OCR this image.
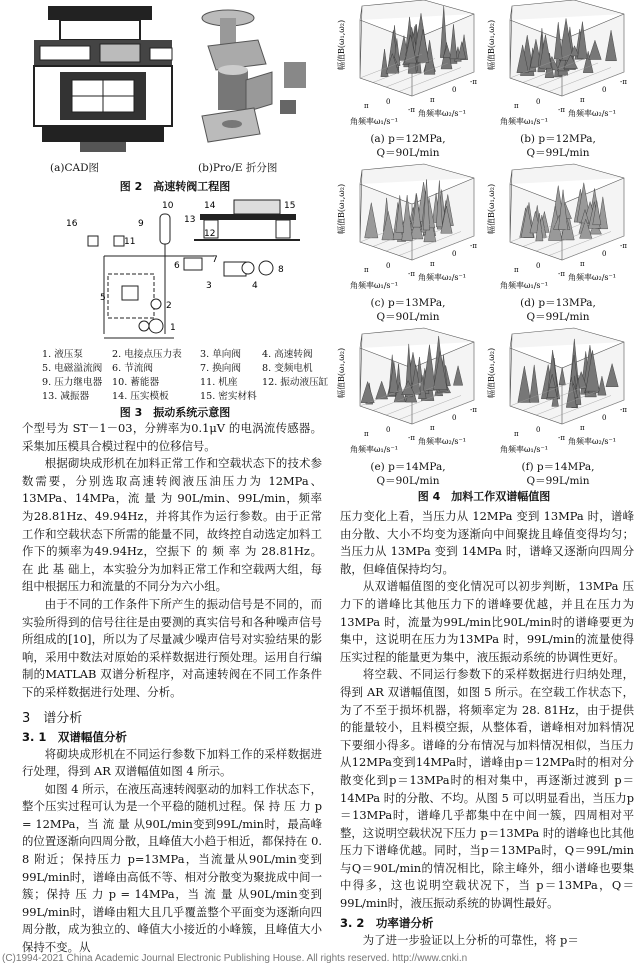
(a)CAD图	(b)Pro/E 折分图
图 2　高速转阀工程图
14	15
13
10
16
11
9
6
7
8
3	4
12
5
2
1
1. 液压泵	2. 电接点压力表	3. 单向阀	4. 高速转阀
5. 电磁溢流阀	6. 节流阀	7. 换向阀	8. 变频电机
9. 压力继电器	10. 蓄能器	11. 机座	12. 振动液压缸
13. 减振器	14. 压实模板	15. 密实材料
图 3　振动系统示意图

个型号为 ST－1－03，分辨率为0.1μV 的电涡流传感器。采集加压模具合模过程中的位移信号。

根据砌块成形机在加料正常工作和空载状态下的技术参数需要，分别选取高速转阀液压油压力为 12MPa、13MPa、14MPa，流 量 为 90L/min、99L/min，频率为28.81Hz、49.94Hz，并将其作为运行参数。由于正常工作和空载状态下所需的能量不同，故终控自动选定加料工作下的频率为49.94Hz，空振下 的 频 率 为 28.81Hz。 在 此 基 础上，本实验分为加料正常工作和空载两大组，每组中根据压力和流量的不同分为六小组。

由于不同的工作条件下所产生的振动信号是不同的，而实验所得到的信号往往是由要测的真实信号和各种噪声信号所组成的[10]，所以为了尽量减少噪声信号对实验结果的影响，采用中数法对原始的采样数据进行预处理。运用自行编制的MATLAB 双谱分析程序，对高速转阀在不同工作条件下的采样数据进行处理、分析。

3　谱分析
3. 1　双谱幅值分析

将砌块成形机在不同运行参数下加料工作的采样数据进行处理，得到 AR 双谱幅值如图 4 所示。

如图 4 所示，在液压高速转阀驱动的加料工作状态下，整个压实过程可认为是一个平稳的随机过程。保 持 压 力 p = 12MPa，当 流 量 从90L/min变到99L/min时，最高峰的位置逐渐向四周分散，且峰值大小趋于相近，都保持在 0. 8 附近；保持压力 p=13MPa，当流量从90L/min变到99L/min时，谱峰由高低不等、相对分散变为聚拢成中间一簇；保持 压 力 p = 14MPa，当 流 量 从90L/min变到99L/min时，谱峰由粗大且几乎覆盖整个平面变为逐渐向四周分散，成为独立的、峰值大小接近的小峰簇，且峰值大小保持不变。从

幅值B(ω₁,ω₂)
π 0
-π
π
0
-π
角频率ω₁/s⁻¹
角频率ω₂/s⁻¹
(a) p＝12MPa,
Q＝90L/min
幅值B(ω₁,ω₂)
π 0
-π
π
0
-π
角频率ω₁/s⁻¹
角频率ω₂/s⁻¹
(b) p＝12MPa,
Q＝99L/min
幅值B(ω₁,ω₂)
π 0
-π
π
0
-π
角频率ω₁/s⁻¹
角频率ω₂/s⁻¹
(c) p＝13MPa,
Q＝90L/min
幅值B(ω₁,ω₂)
π 0
-π
π
0
-π
角频率ω₁/s⁻¹
角频率ω₂/s⁻¹
(d) p＝13MPa,
Q＝99L/min
幅值B(ω₁,ω₂)
π 0
-π
π
0
-π
角频率ω₁/s⁻¹
角频率ω₂/s⁻¹
(e) p＝14MPa,
Q＝90L/min
幅值B(ω₁,ω₂)
π 0
-π
π
0
-π
角频率ω₁/s⁻¹
角频率ω₂/s⁻¹
(f) p＝14MPa,
Q＝99L/min
图 4　加料工作双谱幅值图

压力变化上看，当压力从 12MPa 变到 13MPa 时，谱峰由分散、大小不均变为逐渐向中间聚拢且峰值变得均匀；当压力从 13MPa 变到 14MPa 时，谱峰又逐渐向四周分散，但峰值保持均匀。

从双谱幅值图的变化情况可以初步判断，13MPa 压力下的谱峰比其他压力下的谱峰要优越，并且在压力为 13MPa 时，流量为99L/min比90L/min时的谱峰要更为集中，这说明在压力为13MPa 时，99L/min的流量使得压实过程的能量更为集中，液压振动系统的协调性更好。

将空载、不同运行参数下的采样数据进行归纳处理，得到 AR 双谱幅值图，如图 5 所示。在空载工作状态下，为了不至于损坏机器，将频率定为 28. 81Hz，由于提供的能量较小，且料模空振，从整体看，谱峰相对加料情况下要细小得多。谱峰的分布情况与加料情况相似，当压力从12MPa变到14MPa时，谱峰由p＝12MPa时的相对分散变化到p＝13MPa时的相对集中，再逐渐过渡到 p＝14MPa 时的分散、不均。从图 5 可以明显看出，当压力p＝13MPa时，谱峰几乎都集中在中间一簇，四周相对平整，这说明空载状况下压力 p＝13MPa 时的谱峰也比其他压力下谱峰优越。同时，当p＝13MPa时，Q＝99L/min与Q＝90L/min的情况相比，除主峰外，细小谱峰也要集中得多，这也说明空载状况下，当 p＝13MPa，Q＝99L/min时，液压振动系统的协调性最好。

3. 2　功率谱分析

为了进一步验证以上分析的可靠性，将 p＝

(C)1994-2021 China Academic Journal Electronic Publishing House. All rights reserved. http://www.cnki.n
